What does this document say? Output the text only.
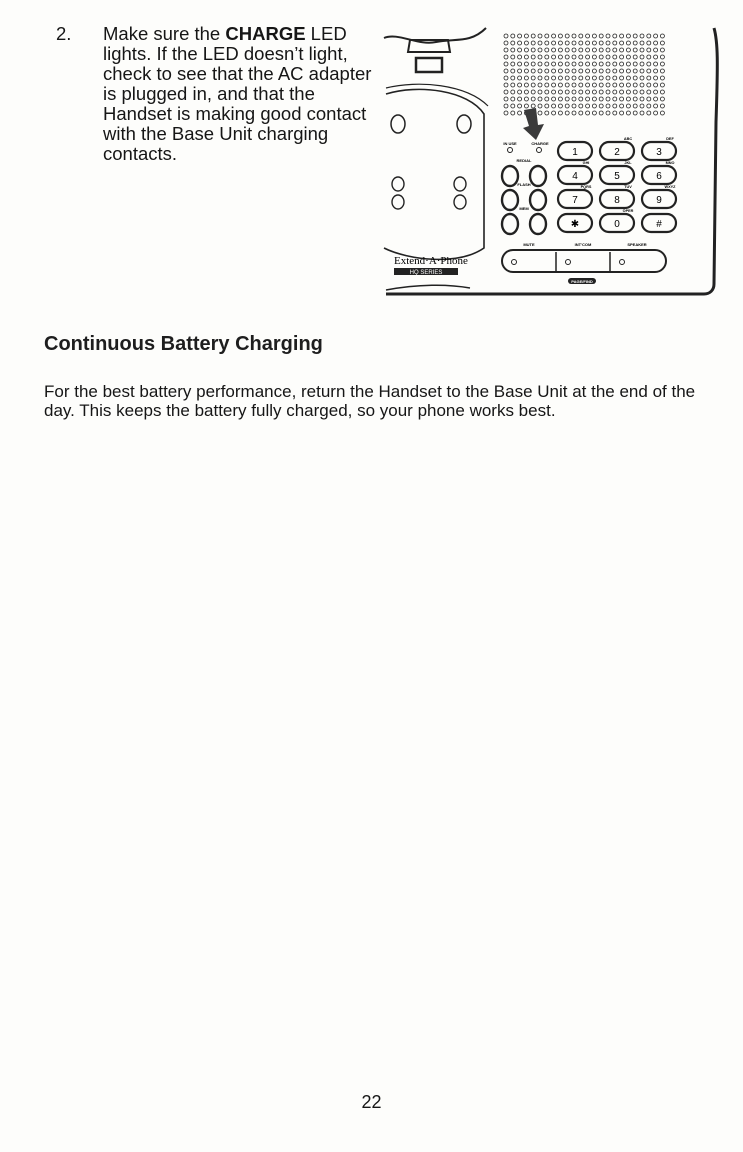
2. Make sure the CHARGE LED lights. If the LED doesn’t light, check to see that the AC adapter is plugged in, and that the Handset is making good contact with the Base Unit charging contacts.	1	2	3
4	5	6
7	8	9
✱	0	#
REDIAL
FLASH
MEM
ABC	DEF
GHI	JKL	MNO
PQRS	TUV	WXYZ
OPER
IN USE	CHARGE
MUTE	INT'COM	SPEAKER
PAGE/FIND
Extend·A·Phone
HQ SERIES
Continuous Battery Charging

For the best battery performance, return the Handset to the Base Unit at the end of the day. This keeps the battery fully charged, so your phone works best.

22
